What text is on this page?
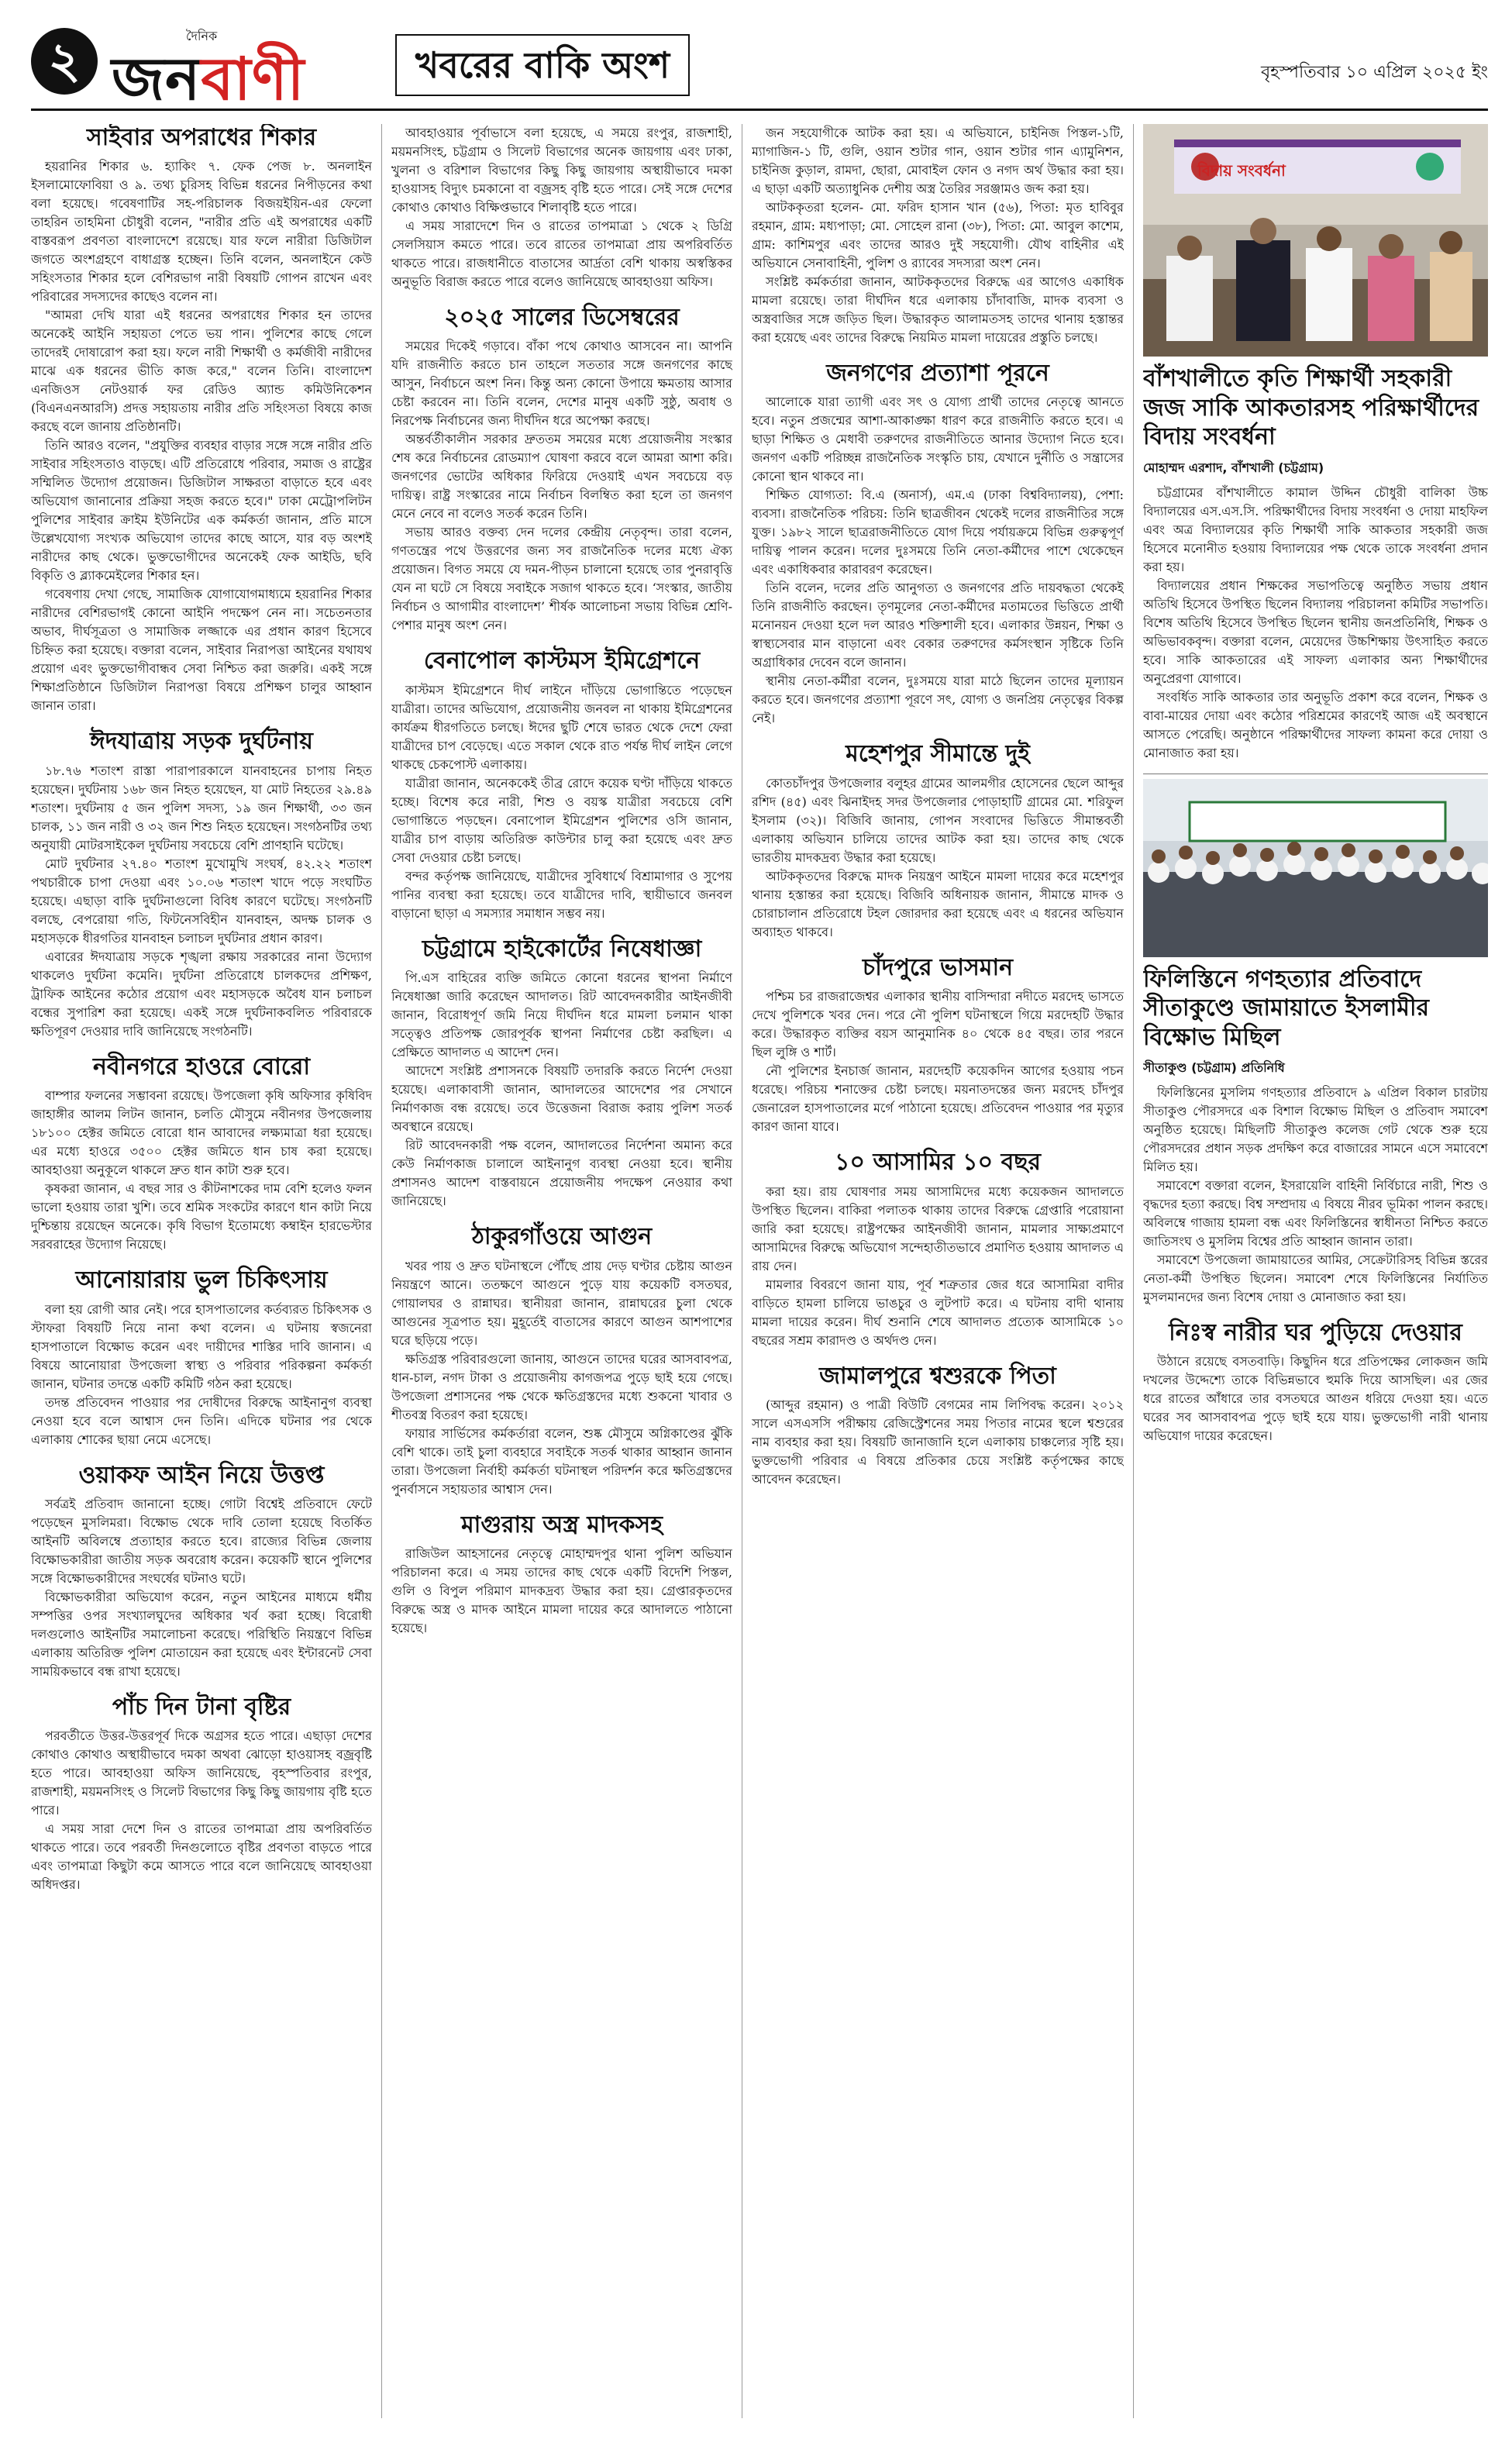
২	দৈনিক
জনবাণী	খবরের বাকি অংশ	বৃহস্পতিবার ১০ এপ্রিল ২০২৫ ইং
সাইবার অপরাধের শিকার

হয়রানির শিকার ৬. হ্যাকিং ৭. ফেক পেজ ৮. অনলাইন ইসলামোফোবিয়া ও ৯. তথ্য চুরিসহ বিভিন্ন ধরনের নিপীড়নের কথা বলা হয়েছে। গবেষণাটির সহ-পরিচালক বিজয়ইয়িন-এর ফেলো তাহরিন তাহমিনা চৌধুরী বলেন, "নারীর প্রতি এই অপরাধের একটি বাস্তবরূপ প্রবণতা বাংলাদেশে রয়েছে। যার ফলে নারীরা ডিজিটাল জগতে অংশগ্রহণে বাধাগ্রস্ত হচ্ছেন। তিনি বলেন, অনলাইনে কেউ সহিংসতার শিকার হলে বেশিরভাগ নারী বিষয়টি গোপন রাখেন এবং পরিবারের সদস্যদের কাছেও বলেন না।

"আমরা দেখি যারা এই ধরনের অপরাধের শিকার হন তাদের অনেকেই আইনি সহায়তা পেতে ভয় পান। পুলিশের কাছে গেলে তাদেরই দোষারোপ করা হয়। ফলে নারী শিক্ষার্থী ও কর্মজীবী নারীদের মাঝে এক ধরনের ভীতি কাজ করে," বলেন তিনি। বাংলাদেশ এনজিওস নেটওয়ার্ক ফর রেডিও অ্যান্ড কমিউনিকেশন (বিএনএনআরসি) প্রদত্ত সহায়তায় নারীর প্রতি সহিংসতা বিষয়ে কাজ করছে বলে জানায় প্রতিষ্ঠানটি।

তিনি আরও বলেন, "প্রযুক্তির ব্যবহার বাড়ার সঙ্গে সঙ্গে নারীর প্রতি সাইবার সহিংসতাও বাড়ছে। এটি প্রতিরোধে পরিবার, সমাজ ও রাষ্ট্রের সম্মিলিত উদ্যোগ প্রয়োজন। ডিজিটাল সাক্ষরতা বাড়াতে হবে এবং অভিযোগ জানানোর প্রক্রিয়া সহজ করতে হবে।" ঢাকা মেট্রোপলিটন পুলিশের সাইবার ক্রাইম ইউনিটের এক কর্মকর্তা জানান, প্রতি মাসে উল্লেখযোগ্য সংখ্যক অভিযোগ তাদের কাছে আসে, যার বড় অংশই নারীদের কাছ থেকে। ভুক্তভোগীদের অনেকেই ফেক আইডি, ছবি বিকৃতি ও ব্ল্যাকমেইলের শিকার হন।

গবেষণায় দেখা গেছে, সামাজিক যোগাযোগমাধ্যমে হয়রানির শিকার নারীদের বেশিরভাগই কোনো আইনি পদক্ষেপ নেন না। সচেতনতার অভাব, দীর্ঘসূত্রতা ও সামাজিক লজ্জাকে এর প্রধান কারণ হিসেবে চিহ্নিত করা হয়েছে। বক্তারা বলেন, সাইবার নিরাপত্তা আইনের যথাযথ প্রয়োগ এবং ভুক্তভোগীবান্ধব সেবা নিশ্চিত করা জরুরি। একই সঙ্গে শিক্ষাপ্রতিষ্ঠানে ডিজিটাল নিরাপত্তা বিষয়ে প্রশিক্ষণ চালুর আহ্বান জানান তারা।

ঈদযাত্রায় সড়ক দুর্ঘটনায়

১৮.৭৬ শতাংশ রাস্তা পারাপারকালে যানবাহনের চাপায় নিহত হয়েছেন। দুর্ঘটনায় ১৬৮ জন নিহত হয়েছেন, যা মোট নিহতের ২৯.৪৯ শতাংশ। দুর্ঘটনায় ৫ জন পুলিশ সদস্য, ১৯ জন শিক্ষার্থী, ৩৩ জন চালক, ১১ জন নারী ও ৩২ জন শিশু নিহত হয়েছেন। সংগঠনটির তথ্য অনুযায়ী মোটরসাইকেল দুর্ঘটনায় সবচেয়ে বেশি প্রাণহানি ঘটেছে।

মোট দুর্ঘটনার ২৭.৪০ শতাংশ মুখোমুখি সংঘর্ষ, ৪২.২২ শতাংশ পথচারীকে চাপা দেওয়া এবং ১০.০৬ শতাংশ খাদে পড়ে সংঘটিত হয়েছে। এছাড়া বাকি দুর্ঘটনাগুলো বিবিধ কারণে ঘটেছে। সংগঠনটি বলছে, বেপরোয়া গতি, ফিটনেসবিহীন যানবাহন, অদক্ষ চালক ও মহাসড়কে ধীরগতির যানবাহন চলাচল দুর্ঘটনার প্রধান কারণ।

এবারের ঈদযাত্রায় সড়কে শৃঙ্খলা রক্ষায় সরকারের নানা উদ্যোগ থাকলেও দুর্ঘটনা কমেনি। দুর্ঘটনা প্রতিরোধে চালকদের প্রশিক্ষণ, ট্রাফিক আইনের কঠোর প্রয়োগ এবং মহাসড়কে অবৈধ যান চলাচল বন্ধের সুপারিশ করা হয়েছে। একই সঙ্গে দুর্ঘটনাকবলিত পরিবারকে ক্ষতিপূরণ দেওয়ার দাবি জানিয়েছে সংগঠনটি।

নবীনগরে হাওরে বোরো

বাম্পার ফলনের সম্ভাবনা রয়েছে। উপজেলা কৃষি অফিসার কৃষিবিদ জাহাঙ্গীর আলম লিটন জানান, চলতি মৌসুমে নবীনগর উপজেলায় ১৮১০০ হেক্টর জমিতে বোরো ধান আবাদের লক্ষ্যমাত্রা ধরা হয়েছে। এর মধ্যে হাওরে ৩৫০০ হেক্টর জমিতে ধান চাষ করা হয়েছে। আবহাওয়া অনুকূলে থাকলে দ্রুত ধান কাটা শুরু হবে।

কৃষকরা জানান, এ বছর সার ও কীটনাশকের দাম বেশি হলেও ফলন ভালো হওয়ায় তারা খুশি। তবে শ্রমিক সংকটের কারণে ধান কাটা নিয়ে দুশ্চিন্তায় রয়েছেন অনেকে। কৃষি বিভাগ ইতোমধ্যে কম্বাইন হারভেস্টার সরবরাহের উদ্যোগ নিয়েছে।

আনোয়ারায় ভুল চিকিৎসায়

বলা হয় রোগী আর নেই। পরে হাসপাতালের কর্তব্যরত চিকিৎসক ও স্টাফরা বিষয়টি নিয়ে নানা কথা বলেন। এ ঘটনায় স্বজনেরা হাসপাতালে বিক্ষোভ করেন এবং দায়ীদের শাস্তির দাবি জানান। এ বিষয়ে আনোয়ারা উপজেলা স্বাস্থ্য ও পরিবার পরিকল্পনা কর্মকর্তা জানান, ঘটনার তদন্তে একটি কমিটি গঠন করা হয়েছে।

তদন্ত প্রতিবেদন পাওয়ার পর দোষীদের বিরুদ্ধে আইনানুগ ব্যবস্থা নেওয়া হবে বলে আশ্বাস দেন তিনি। এদিকে ঘটনার পর থেকে এলাকায় শোকের ছায়া নেমে এসেছে।

ওয়াকফ আইন নিয়ে উত্তপ্ত

সর্বত্রই প্রতিবাদ জানানো হচ্ছে। গোটা বিশ্বেই প্রতিবাদে ফেটে পড়েছেন মুসলিমরা। বিক্ষোভ থেকে দাবি তোলা হয়েছে বিতর্কিত আইনটি অবিলম্বে প্রত্যাহার করতে হবে। রাজ্যের বিভিন্ন জেলায় বিক্ষোভকারীরা জাতীয় সড়ক অবরোধ করেন। কয়েকটি স্থানে পুলিশের সঙ্গে বিক্ষোভকারীদের সংঘর্ষের ঘটনাও ঘটে।

বিক্ষোভকারীরা অভিযোগ করেন, নতুন আইনের মাধ্যমে ধর্মীয় সম্পত্তির ওপর সংখ্যালঘুদের অধিকার খর্ব করা হচ্ছে। বিরোধী দলগুলোও আইনটির সমালোচনা করেছে। পরিস্থিতি নিয়ন্ত্রণে বিভিন্ন এলাকায় অতিরিক্ত পুলিশ মোতায়েন করা হয়েছে এবং ইন্টারনেট সেবা সাময়িকভাবে বন্ধ রাখা হয়েছে।

পাঁচ দিন টানা বৃষ্টির

পরবর্তীতে উত্তর-উত্তরপূর্ব দিকে অগ্রসর হতে পারে। এছাড়া দেশের কোথাও কোথাও অস্থায়ীভাবে দমকা অথবা ঝোড়ো হাওয়াসহ বজ্রবৃষ্টি হতে পারে। আবহাওয়া অফিস জানিয়েছে, বৃহস্পতিবার রংপুর, রাজশাহী, ময়মনসিংহ ও সিলেট বিভাগের কিছু কিছু জায়গায় বৃষ্টি হতে পারে।

এ সময় সারা দেশে দিন ও রাতের তাপমাত্রা প্রায় অপরিবর্তিত থাকতে পারে। তবে পরবর্তী দিনগুলোতে বৃষ্টির প্রবণতা বাড়তে পারে এবং তাপমাত্রা কিছুটা কমে আসতে পারে বলে জানিয়েছে আবহাওয়া অধিদপ্তর।

আবহাওয়ার পূর্বাভাসে বলা হয়েছে, এ সময়ে রংপুর, রাজশাহী, ময়মনসিংহ, চট্টগ্রাম ও সিলেট বিভাগের অনেক জায়গায় এবং ঢাকা, খুলনা ও বরিশাল বিভাগের কিছু কিছু জায়গায় অস্থায়ীভাবে দমকা হাওয়াসহ বিদ্যুৎ চমকানো বা বজ্রসহ বৃষ্টি হতে পারে। সেই সঙ্গে দেশের কোথাও কোথাও বিক্ষিপ্তভাবে শিলাবৃষ্টি হতে পারে।

এ সময় সারাদেশে দিন ও রাতের তাপমাত্রা ১ থেকে ২ ডিগ্রি সেলসিয়াস কমতে পারে। তবে রাতের তাপমাত্রা প্রায় অপরিবর্তিত থাকতে পারে। রাজধানীতে বাতাসের আর্দ্রতা বেশি থাকায় অস্বস্তিকর অনুভূতি বিরাজ করতে পারে বলেও জানিয়েছে আবহাওয়া অফিস।

২০২৫ সালের ডিসেম্বরের

সময়ের দিকেই গড়াবে। বাঁকা পথে কোথাও আসবেন না। আপনি যদি রাজনীতি করতে চান তাহলে সততার সঙ্গে জনগণের কাছে আসুন, নির্বাচনে অংশ নিন। কিন্তু অন্য কোনো উপায়ে ক্ষমতায় আসার চেষ্টা করবেন না। তিনি বলেন, দেশের মানুষ একটি সুষ্ঠু, অবাধ ও নিরপেক্ষ নির্বাচনের জন্য দীর্ঘদিন ধরে অপেক্ষা করছে।

অন্তর্বর্তীকালীন সরকার দ্রুততম সময়ের মধ্যে প্রয়োজনীয় সংস্কার শেষ করে নির্বাচনের রোডম্যাপ ঘোষণা করবে বলে আমরা আশা করি। জনগণের ভোটের অধিকার ফিরিয়ে দেওয়াই এখন সবচেয়ে বড় দায়িত্ব। রাষ্ট্র সংস্কারের নামে নির্বাচন বিলম্বিত করা হলে তা জনগণ মেনে নেবে না বলেও সতর্ক করেন তিনি।

সভায় আরও বক্তব্য দেন দলের কেন্দ্রীয় নেতৃবৃন্দ। তারা বলেন, গণতন্ত্রের পথে উত্তরণের জন্য সব রাজনৈতিক দলের মধ্যে ঐক্য প্রয়োজন। বিগত সময়ে যে দমন-পীড়ন চালানো হয়েছে তার পুনরাবৃত্তি যেন না ঘটে সে বিষয়ে সবাইকে সজাগ থাকতে হবে। ‘সংস্কার, জাতীয় নির্বাচন ও আগামীর বাংলাদেশ’ শীর্ষক আলোচনা সভায় বিভিন্ন শ্রেণি-পেশার মানুষ অংশ নেন।

বেনাপোল কাস্টমস ইমিগ্রেশনে

কাস্টমস ইমিগ্রেশনে দীর্ঘ লাইনে দাঁড়িয়ে ভোগান্তিতে পড়েছেন যাত্রীরা। তাদের অভিযোগ, প্রয়োজনীয় জনবল না থাকায় ইমিগ্রেশনের কার্যক্রম ধীরগতিতে চলছে। ঈদের ছুটি শেষে ভারত থেকে দেশে ফেরা যাত্রীদের চাপ বেড়েছে। এতে সকাল থেকে রাত পর্যন্ত দীর্ঘ লাইন লেগে থাকছে চেকপোস্ট এলাকায়।

যাত্রীরা জানান, অনেককেই তীব্র রোদে কয়েক ঘণ্টা দাঁড়িয়ে থাকতে হচ্ছে। বিশেষ করে নারী, শিশু ও বয়স্ক যাত্রীরা সবচেয়ে বেশি ভোগান্তিতে পড়ছেন। বেনাপোল ইমিগ্রেশন পুলিশের ওসি জানান, যাত্রীর চাপ বাড়ায় অতিরিক্ত কাউন্টার চালু করা হয়েছে এবং দ্রুত সেবা দেওয়ার চেষ্টা চলছে।

বন্দর কর্তৃপক্ষ জানিয়েছে, যাত্রীদের সুবিধার্থে বিশ্রামাগার ও সুপেয় পানির ব্যবস্থা করা হয়েছে। তবে যাত্রীদের দাবি, স্থায়ীভাবে জনবল বাড়ানো ছাড়া এ সমস্যার সমাধান সম্ভব নয়।

চট্টগ্রামে হাইকোর্টের নিষেধাজ্ঞা

পি.এস বাহিরের ব্যক্তি জমিতে কোনো ধরনের স্থাপনা নির্মাণে নিষেধাজ্ঞা জারি করেছেন আদালত। রিট আবেদনকারীর আইনজীবী জানান, বিরোধপূর্ণ জমি নিয়ে দীর্ঘদিন ধরে মামলা চলমান থাকা সত্ত্বেও প্রতিপক্ষ জোরপূর্বক স্থাপনা নির্মাণের চেষ্টা করছিল। এ প্রেক্ষিতে আদালত এ আদেশ দেন।

আদেশে সংশ্লিষ্ট প্রশাসনকে বিষয়টি তদারকি করতে নির্দেশ দেওয়া হয়েছে। এলাকাবাসী জানান, আদালতের আদেশের পর সেখানে নির্মাণকাজ বন্ধ রয়েছে। তবে উত্তেজনা বিরাজ করায় পুলিশ সতর্ক অবস্থানে রয়েছে।

রিট আবেদনকারী পক্ষ বলেন, আদালতের নির্দেশনা অমান্য করে কেউ নির্মাণকাজ চালালে আইনানুগ ব্যবস্থা নেওয়া হবে। স্থানীয় প্রশাসনও আদেশ বাস্তবায়নে প্রয়োজনীয় পদক্ষেপ নেওয়ার কথা জানিয়েছে।

ঠাকুরগাঁওয়ে আগুন

খবর পায় ও দ্রুত ঘটনাস্থলে পৌঁছে প্রায় দেড় ঘণ্টার চেষ্টায় আগুন নিয়ন্ত্রণে আনে। ততক্ষণে আগুনে পুড়ে যায় কয়েকটি বসতঘর, গোয়ালঘর ও রান্নাঘর। স্থানীয়রা জানান, রান্নাঘরের চুলা থেকে আগুনের সূত্রপাত হয়। মুহূর্তেই বাতাসের কারণে আগুন আশপাশের ঘরে ছড়িয়ে পড়ে।

ক্ষতিগ্রস্ত পরিবারগুলো জানায়, আগুনে তাদের ঘরের আসবাবপত্র, ধান-চাল, নগদ টাকা ও প্রয়োজনীয় কাগজপত্র পুড়ে ছাই হয়ে গেছে। উপজেলা প্রশাসনের পক্ষ থেকে ক্ষতিগ্রস্তদের মধ্যে শুকনো খাবার ও শীতবস্ত্র বিতরণ করা হয়েছে।

ফায়ার সার্ভিসের কর্মকর্তারা বলেন, শুষ্ক মৌসুমে অগ্নিকাণ্ডের ঝুঁকি বেশি থাকে। তাই চুলা ব্যবহারে সবাইকে সতর্ক থাকার আহ্বান জানান তারা। উপজেলা নির্বাহী কর্মকর্তা ঘটনাস্থল পরিদর্শন করে ক্ষতিগ্রস্তদের পুনর্বাসনে সহায়তার আশ্বাস দেন।

মাগুরায় অস্ত্র মাদকসহ

রাজিউল আহসানের নেতৃত্বে মোহাম্মদপুর থানা পুলিশ অভিযান পরিচালনা করে। এ সময় তাদের কাছ থেকে একটি বিদেশি পিস্তল, গুলি ও বিপুল পরিমাণ মাদকদ্রব্য উদ্ধার করা হয়। গ্রেপ্তারকৃতদের বিরুদ্ধে অস্ত্র ও মাদক আইনে মামলা দায়ের করে আদালতে পাঠানো হয়েছে।

জন সহযোগীকে আটক করা হয়। এ অভিযানে, চাইনিজ পিস্তল-১টি, ম্যাগাজিন-১ টি, গুলি, ওয়ান শুটার গান, ওয়ান শুটার গান এ্যামুনিশন, চাইনিজ কুড়াল, রামদা, ছোরা, মোবাইল ফোন ও নগদ অর্থ উদ্ধার করা হয়। এ ছাড়া একটি অত্যাধুনিক দেশীয় অস্ত্র তৈরির সরঞ্জামও জব্দ করা হয়।

আটককৃতরা হলেন- মো. ফরিদ হাসান খান (৫৬), পিতা: মৃত হাবিবুর রহমান, গ্রাম: মধ্যপাড়া; মো. সোহেল রানা (৩৮), পিতা: মো. আবুল কাশেম, গ্রাম: কাশিমপুর এবং তাদের আরও দুই সহযোগী। যৌথ বাহিনীর এই অভিযানে সেনাবাহিনী, পুলিশ ও র‍্যাবের সদস্যরা অংশ নেন।

সংশ্লিষ্ট কর্মকর্তারা জানান, আটককৃতদের বিরুদ্ধে এর আগেও একাধিক মামলা রয়েছে। তারা দীর্ঘদিন ধরে এলাকায় চাঁদাবাজি, মাদক ব্যবসা ও অস্ত্রবাজির সঙ্গে জড়িত ছিল। উদ্ধারকৃত আলামতসহ তাদের থানায় হস্তান্তর করা হয়েছে এবং তাদের বিরুদ্ধে নিয়মিত মামলা দায়েরের প্রস্তুতি চলছে।

জনগণের প্রত্যাশা পূরনে

আলোকে যারা ত্যাগী এবং সৎ ও যোগ্য প্রার্থী তাদের নেতৃত্বে আনতে হবে। নতুন প্রজন্মের আশা-আকাঙ্ক্ষা ধারণ করে রাজনীতি করতে হবে। এ ছাড়া শিক্ষিত ও মেধাবী তরুণদের রাজনীতিতে আনার উদ্যোগ নিতে হবে। জনগণ একটি পরিচ্ছন্ন রাজনৈতিক সংস্কৃতি চায়, যেখানে দুর্নীতি ও সন্ত্রাসের কোনো স্থান থাকবে না।

শিক্ষিত যোগ্যতা: বি.এ (অনার্স), এম.এ (ঢাকা বিশ্ববিদ্যালয়), পেশা: ব্যবসা। রাজনৈতিক পরিচয়: তিনি ছাত্রজীবন থেকেই দলের রাজনীতির সঙ্গে যুক্ত। ১৯৮২ সালে ছাত্ররাজনীতিতে যোগ দিয়ে পর্যায়ক্রমে বিভিন্ন গুরুত্বপূর্ণ দায়িত্ব পালন করেন। দলের দুঃসময়ে তিনি নেতা-কর্মীদের পাশে থেকেছেন এবং একাধিকবার কারাবরণ করেছেন।

তিনি বলেন, দলের প্রতি আনুগত্য ও জনগণের প্রতি দায়বদ্ধতা থেকেই তিনি রাজনীতি করছেন। তৃণমূলের নেতা-কর্মীদের মতামতের ভিত্তিতে প্রার্থী মনোনয়ন দেওয়া হলে দল আরও শক্তিশালী হবে। এলাকার উন্নয়ন, শিক্ষা ও স্বাস্থ্যসেবার মান বাড়ানো এবং বেকার তরুণদের কর্মসংস্থান সৃষ্টিকে তিনি অগ্রাধিকার দেবেন বলে জানান।

স্থানীয় নেতা-কর্মীরা বলেন, দুঃসময়ে যারা মাঠে ছিলেন তাদের মূল্যায়ন করতে হবে। জনগণের প্রত্যাশা পূরণে সৎ, যোগ্য ও জনপ্রিয় নেতৃত্বের বিকল্প নেই।

মহেশপুর সীমান্তে দুই

কোতচাঁদপুর উপজেলার বলুহর গ্রামের আলমগীর হোসেনের ছেলে আব্দুর রশিদ (৪৫) এবং ঝিনাইদহ সদর উপজেলার পোড়াহাটি গ্রামের মো. শরিফুল ইসলাম (৩২)। বিজিবি জানায়, গোপন সংবাদের ভিত্তিতে সীমান্তবর্তী এলাকায় অভিযান চালিয়ে তাদের আটক করা হয়। তাদের কাছ থেকে ভারতীয় মাদকদ্রব্য উদ্ধার করা হয়েছে।

আটককৃতদের বিরুদ্ধে মাদক নিয়ন্ত্রণ আইনে মামলা দায়ের করে মহেশপুর থানায় হস্তান্তর করা হয়েছে। বিজিবি অধিনায়ক জানান, সীমান্তে মাদক ও চোরাচালান প্রতিরোধে টহল জোরদার করা হয়েছে এবং এ ধরনের অভিযান অব্যাহত থাকবে।

চাঁদপুরে ভাসমান

পশ্চিম চর রাজরাজেশ্বর এলাকার স্থানীয় বাসিন্দারা নদীতে মরদেহ ভাসতে দেখে পুলিশকে খবর দেন। পরে নৌ পুলিশ ঘটনাস্থলে গিয়ে মরদেহটি উদ্ধার করে। উদ্ধারকৃত ব্যক্তির বয়স আনুমানিক ৪০ থেকে ৪৫ বছর। তার পরনে ছিল লুঙ্গি ও শার্ট।

নৌ পুলিশের ইনচার্জ জানান, মরদেহটি কয়েকদিন আগের হওয়ায় পচন ধরেছে। পরিচয় শনাক্তের চেষ্টা চলছে। ময়নাতদন্তের জন্য মরদেহ চাঁদপুর জেনারেল হাসপাতালের মর্গে পাঠানো হয়েছে। প্রতিবেদন পাওয়ার পর মৃত্যুর কারণ জানা যাবে।

১০ আসামির ১০ বছর

করা হয়। রায় ঘোষণার সময় আসামিদের মধ্যে কয়েকজন আদালতে উপস্থিত ছিলেন। বাকিরা পলাতক থাকায় তাদের বিরুদ্ধে গ্রেপ্তারি পরোয়ানা জারি করা হয়েছে। রাষ্ট্রপক্ষের আইনজীবী জানান, মামলার সাক্ষ্যপ্রমাণে আসামিদের বিরুদ্ধে অভিযোগ সন্দেহাতীতভাবে প্রমাণিত হওয়ায় আদালত এ রায় দেন।

মামলার বিবরণে জানা যায়, পূর্ব শত্রুতার জের ধরে আসামিরা বাদীর বাড়িতে হামলা চালিয়ে ভাঙচুর ও লুটপাট করে। এ ঘটনায় বাদী থানায় মামলা দায়ের করেন। দীর্ঘ শুনানি শেষে আদালত প্রত্যেক আসামিকে ১০ বছরের সশ্রম কারাদণ্ড ও অর্থদণ্ড দেন।

জামালপুরে শ্বশুরকে পিতা

(আব্দুর রহমান) ও পাত্রী বিউটি বেগমের নাম লিপিবদ্ধ করেন। ২০১২ সালে এসএসসি পরীক্ষায় রেজিস্ট্রেশনের সময় পিতার নামের স্থলে শ্বশুরের নাম ব্যবহার করা হয়। বিষয়টি জানাজানি হলে এলাকায় চাঞ্চল্যের সৃষ্টি হয়। ভুক্তভোগী পরিবার এ বিষয়ে প্রতিকার চেয়ে সংশ্লিষ্ট কর্তৃপক্ষের কাছে আবেদন করেছেন।

বিদায় সংবর্ধনা
বাঁশখালীতে কৃতি শিক্ষার্থী সহকারী জজ সাকি আকতারসহ পরিক্ষার্থীদের বিদায় সংবর্ধনা
মোহাম্মদ এরশাদ, বাঁশখালী (চট্টগ্রাম)

চট্টগ্রামের বাঁশখালীতে কামাল উদ্দিন চৌধুরী বালিকা উচ্চ বিদ্যালয়ের এস.এস.সি. পরিক্ষার্থীদের বিদায় সংবর্ধনা ও দোয়া মাহফিল এবং অত্র বিদ্যালয়ের কৃতি শিক্ষার্থী সাকি আকতার সহকারী জজ হিসেবে মনোনীত হওয়ায় বিদ্যালয়ের পক্ষ থেকে তাকে সংবর্ধনা প্রদান করা হয়।

বিদ্যালয়ের প্রধান শিক্ষকের সভাপতিত্বে অনুষ্ঠিত সভায় প্রধান অতিথি হিসেবে উপস্থিত ছিলেন বিদ্যালয় পরিচালনা কমিটির সভাপতি। বিশেষ অতিথি হিসেবে উপস্থিত ছিলেন স্থানীয় জনপ্রতিনিধি, শিক্ষক ও অভিভাবকবৃন্দ। বক্তারা বলেন, মেয়েদের উচ্চশিক্ষায় উৎসাহিত করতে হবে। সাকি আকতারের এই সাফল্য এলাকার অন্য শিক্ষার্থীদের অনুপ্রেরণা যোগাবে।

সংবর্ধিত সাকি আকতার তার অনুভূতি প্রকাশ করে বলেন, শিক্ষক ও বাবা-মায়ের দোয়া এবং কঠোর পরিশ্রমের কারণেই আজ এই অবস্থানে আসতে পেরেছি। অনুষ্ঠানে পরিক্ষার্থীদের সাফল্য কামনা করে দোয়া ও মোনাজাত করা হয়।

ফিলিস্তিনে গণহত্যার প্রতিবাদে সীতাকুণ্ডে জামায়াতে ইসলামীর বিক্ষোভ মিছিল
সীতাকুণ্ড (চট্টগ্রাম) প্রতিনিধি

ফিলিস্তিনের মুসলিম গণহত্যার প্রতিবাদে ৯ এপ্রিল বিকাল চারটায় সীতাকুণ্ড পৌরসদরে এক বিশাল বিক্ষোভ মিছিল ও প্রতিবাদ সমাবেশ অনুষ্ঠিত হয়েছে। মিছিলটি সীতাকুণ্ড কলেজ গেট থেকে শুরু হয়ে পৌরসদরের প্রধান সড়ক প্রদক্ষিণ করে বাজারের সামনে এসে সমাবেশে মিলিত হয়।

সমাবেশে বক্তারা বলেন, ইসরায়েলি বাহিনী নির্বিচারে নারী, শিশু ও বৃদ্ধদের হত্যা করছে। বিশ্ব সম্প্রদায় এ বিষয়ে নীরব ভূমিকা পালন করছে। অবিলম্বে গাজায় হামলা বন্ধ এবং ফিলিস্তিনের স্বাধীনতা নিশ্চিত করতে জাতিসংঘ ও মুসলিম বিশ্বের প্রতি আহ্বান জানান তারা।

সমাবেশে উপজেলা জামায়াতের আমির, সেক্রেটারিসহ বিভিন্ন স্তরের নেতা-কর্মী উপস্থিত ছিলেন। সমাবেশ শেষে ফিলিস্তিনের নির্যাতিত মুসলমানদের জন্য বিশেষ দোয়া ও মোনাজাত করা হয়।

নিঃস্ব নারীর ঘর পুড়িয়ে দেওয়ার

উঠানে রয়েছে বসতবাড়ি। কিছুদিন ধরে প্রতিপক্ষের লোকজন জমি দখলের উদ্দেশ্যে তাকে বিভিন্নভাবে হুমকি দিয়ে আসছিল। এর জের ধরে রাতের আঁধারে তার বসতঘরে আগুন ধরিয়ে দেওয়া হয়। এতে ঘরের সব আসবাবপত্র পুড়ে ছাই হয়ে যায়। ভুক্তভোগী নারী থানায় অভিযোগ দায়ের করেছেন।
